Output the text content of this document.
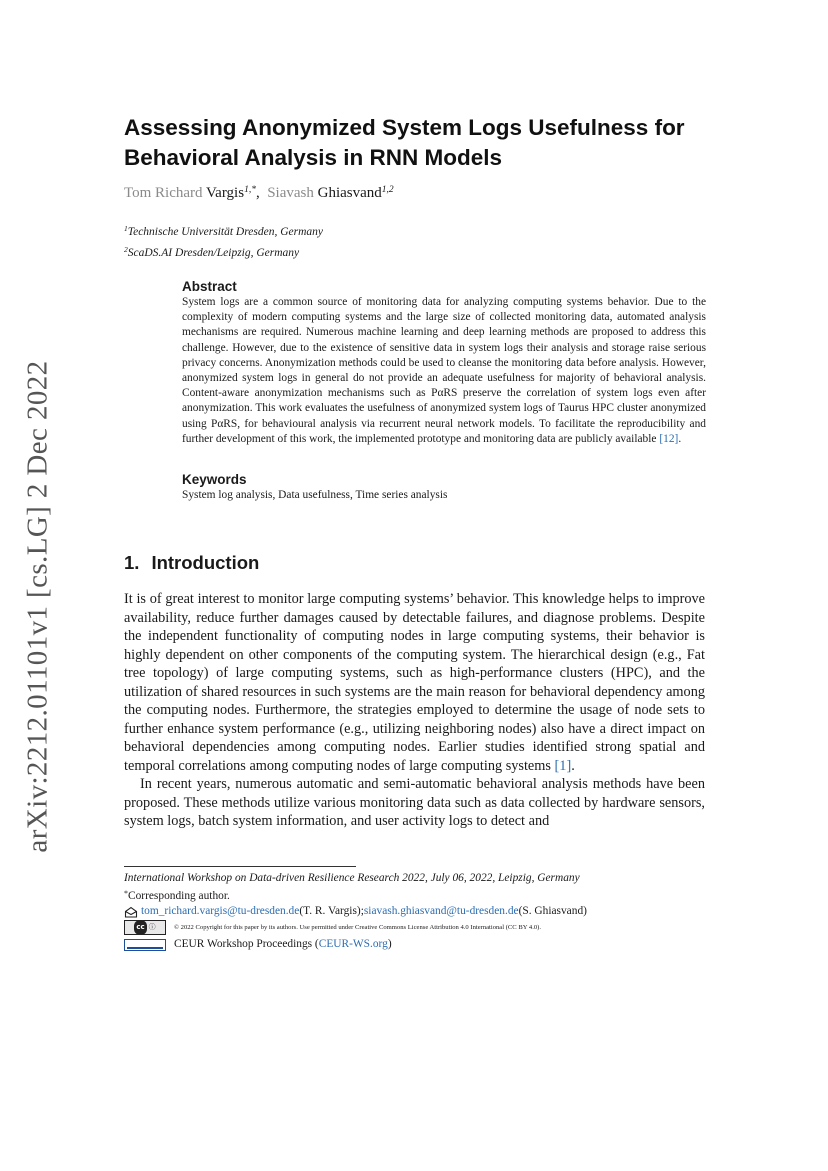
arXiv:2212.01101v1 [cs.LG] 2 Dec 2022
Assessing Anonymized System Logs Usefulness for
Behavioral Analysis in RNN Models
Tom Richard Vargis$^{1,*}$,  Siavash Ghiasvand$^{1,2}$
$^1$Technische Universität Dresden, Germany
$^2$ScaDS.AI Dresden/Leipzig, Germany
Abstract
System logs are a common source of monitoring data for analyzing computing systems behavior. Due to the complexity of modern computing systems and the large size of collected monitoring data, automated analysis mechanisms are required. Numerous machine learning and deep learning methods are proposed to address this challenge. However, due to the existence of sensitive data in system logs their analysis and storage raise serious privacy concerns. Anonymization methods could be used to cleanse the monitoring data before analysis. However, anonymized system logs in general do not provide an adequate usefulness for majority of behavioral analysis. Content-aware anonymization mechanisms such as PαRS preserve the correlation of system logs even after anonymization. This work evaluates the usefulness of anonymized system logs of Taurus HPC cluster anonymized using PαRS, for behavioural analysis via recurrent neural network models. To facilitate the reproducibility and further development of this work, the implemented prototype and monitoring data are publicly available [12].
Keywords
System log analysis, Data usefulness, Time series analysis
1. Introduction

It is of great interest to monitor large computing systems’ behavior. This knowledge helps to improve availability, reduce further damages caused by detectable failures, and diagnose problems. Despite the independent functionality of computing nodes in large computing systems, their behavior is highly dependent on other components of the computing system. The hierarchical design (e.g., Fat tree topology) of large computing systems, such as high-performance clusters (HPC), and the utilization of shared resources in such systems are the main reason for behavioral dependency among the computing nodes. Furthermore, the strategies employed to determine the usage of node sets to further enhance system performance (e.g., utilizing neighboring nodes) also have a direct impact on behavioral dependencies among computing nodes. Earlier studies identified strong spatial and temporal correlations among computing nodes of large computing systems [1].

In recent years, numerous automatic and semi-automatic behavioral analysis methods have been proposed. These methods utilize various monitoring data such as data collected by hardware sensors, system logs, batch system information, and user activity logs to detect and

International Workshop on Data-driven Resilience Research 2022, July 06, 2022, Leipzig, Germany
*Corresponding author.
tom_richard.vargis@tu-dresden.de (T. R. Vargis); siavash.ghiasvand@tu-dresden.de (S. Ghiasvand)
cc ⓘ	© 2022 Copyright for this paper by its authors. Use permitted under Creative Commons License Attribution 4.0 International (CC BY 4.0).
CEUR Workshop Proceedings ( CEUR-WS.org )
